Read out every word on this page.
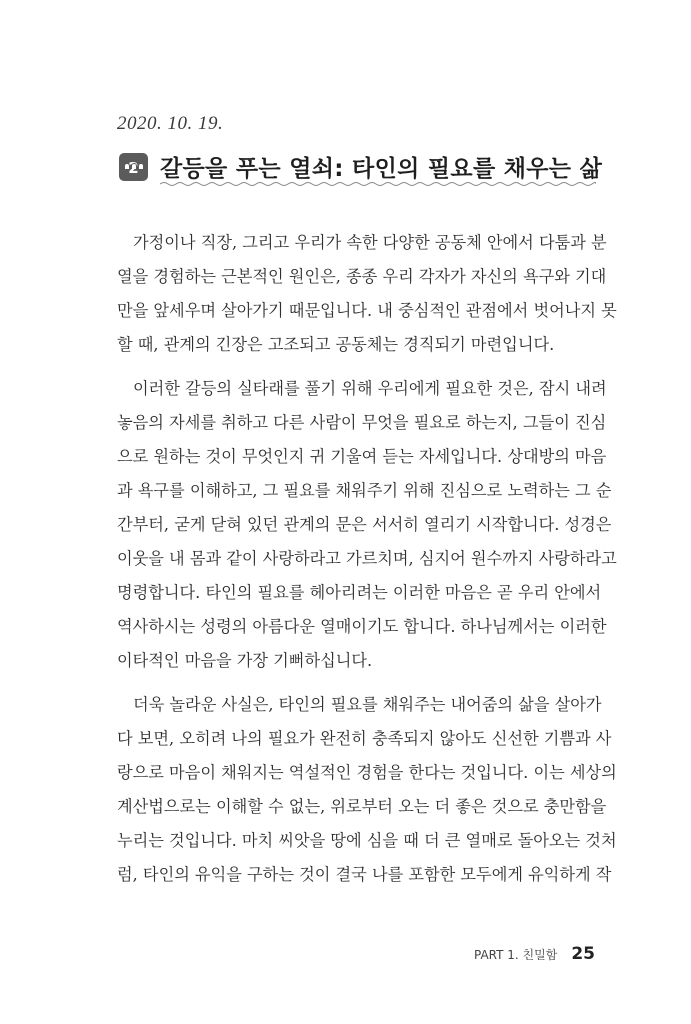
2020. 10. 19.
갈등을 푸는 열쇠: 타인의 필요를 채우는 삶
가정이나 직장, 그리고 우리가 속한 다양한 공동체 안에서 다툼과 분
열을 경험하는 근본적인 원인은, 종종 우리 각자가 자신의 욕구와 기대
만을 앞세우며 살아가기 때문입니다. 내 중심적인 관점에서 벗어나지 못
할 때, 관계의 긴장은 고조되고 공동체는 경직되기 마련입니다.
이러한 갈등의 실타래를 풀기 위해 우리에게 필요한 것은, 잠시 내려
놓음의 자세를 취하고 다른 사람이 무엇을 필요로 하는지, 그들이 진심
으로 원하는 것이 무엇인지 귀 기울여 듣는 자세입니다. 상대방의 마음
과 욕구를 이해하고, 그 필요를 채워주기 위해 진심으로 노력하는 그 순
간부터, 굳게 닫혀 있던 관계의 문은 서서히 열리기 시작합니다. 성경은
이웃을 내 몸과 같이 사랑하라고 가르치며, 심지어 원수까지 사랑하라고
명령합니다. 타인의 필요를 헤아리려는 이러한 마음은 곧 우리 안에서
역사하시는 성령의 아름다운 열매이기도 합니다. 하나님께서는 이러한
이타적인 마음을 가장 기뻐하십니다.
더욱 놀라운 사실은, 타인의 필요를 채워주는 내어줌의 삶을 살아가
다 보면, 오히려 나의 필요가 완전히 충족되지 않아도 신선한 기쁨과 사
랑으로 마음이 채워지는 역설적인 경험을 한다는 것입니다. 이는 세상의
계산법으로는 이해할 수 없는, 위로부터 오는 더 좋은 것으로 충만함을
누리는 것입니다. 마치 씨앗을 땅에 심을 때 더 큰 열매로 돌아오는 것처
럼, 타인의 유익을 구하는 것이 결국 나를 포함한 모두에게 유익하게 작
PART 1. 친밀함 25
